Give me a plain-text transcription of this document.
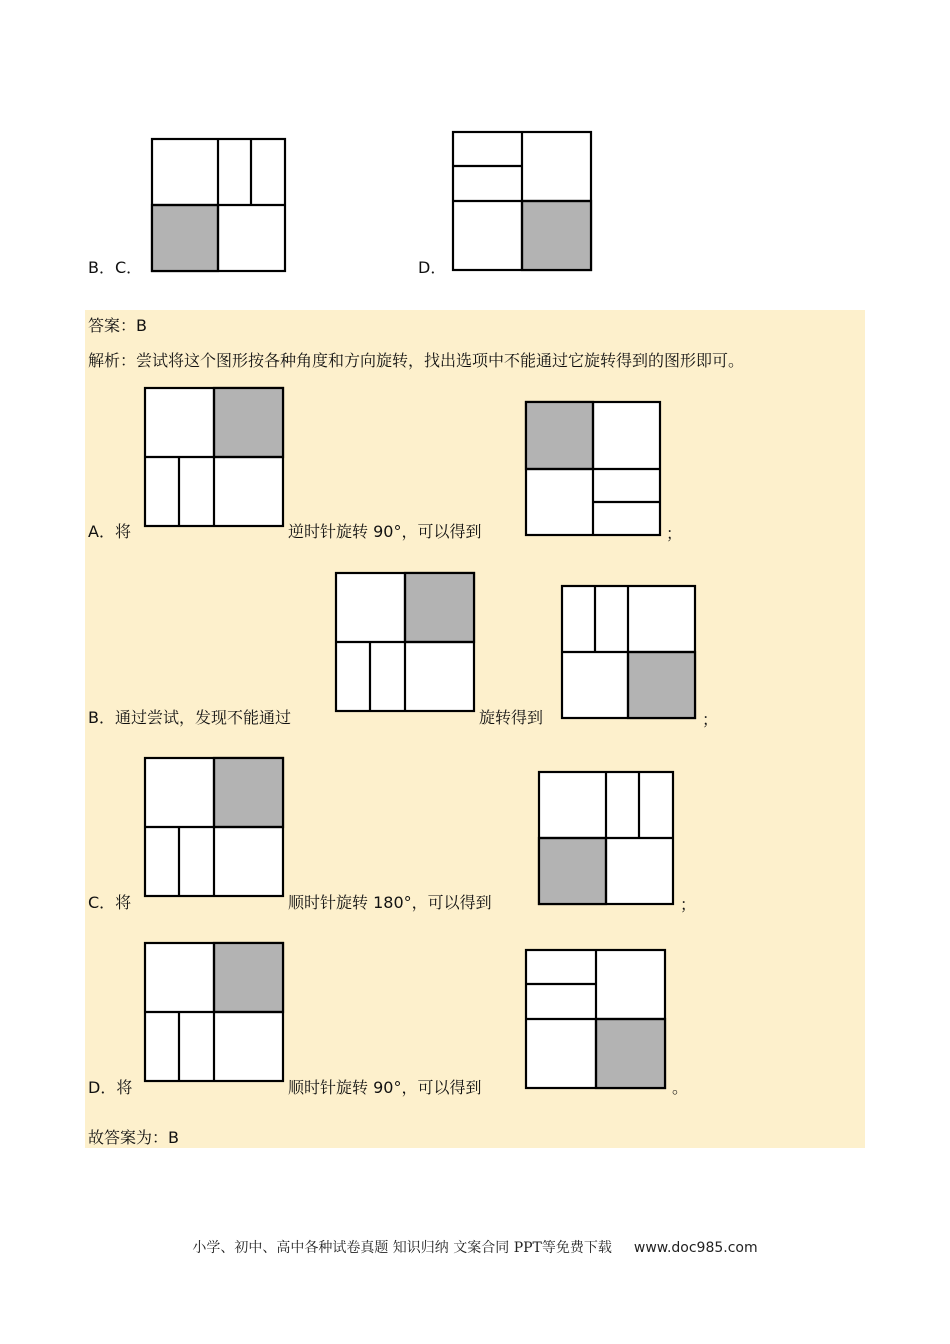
B．C．	D．
答案：B
解析：尝试将这个图形按各种角度和方向旋转，找出选项中不能通过它旋转得到的图形即可。
A．将	逆时针旋转 90°，可以得到	；
B．通过尝试，发现不能通过	旋转得到	；
C．将	顺时针旋转 180°，可以得到	；
D．将	顺时针旋转 90°，可以得到	。
故答案为：B
小学、初中、高中各种试卷真题 知识归纳 文案合同 PPT等免费下载 www.doc985.com
